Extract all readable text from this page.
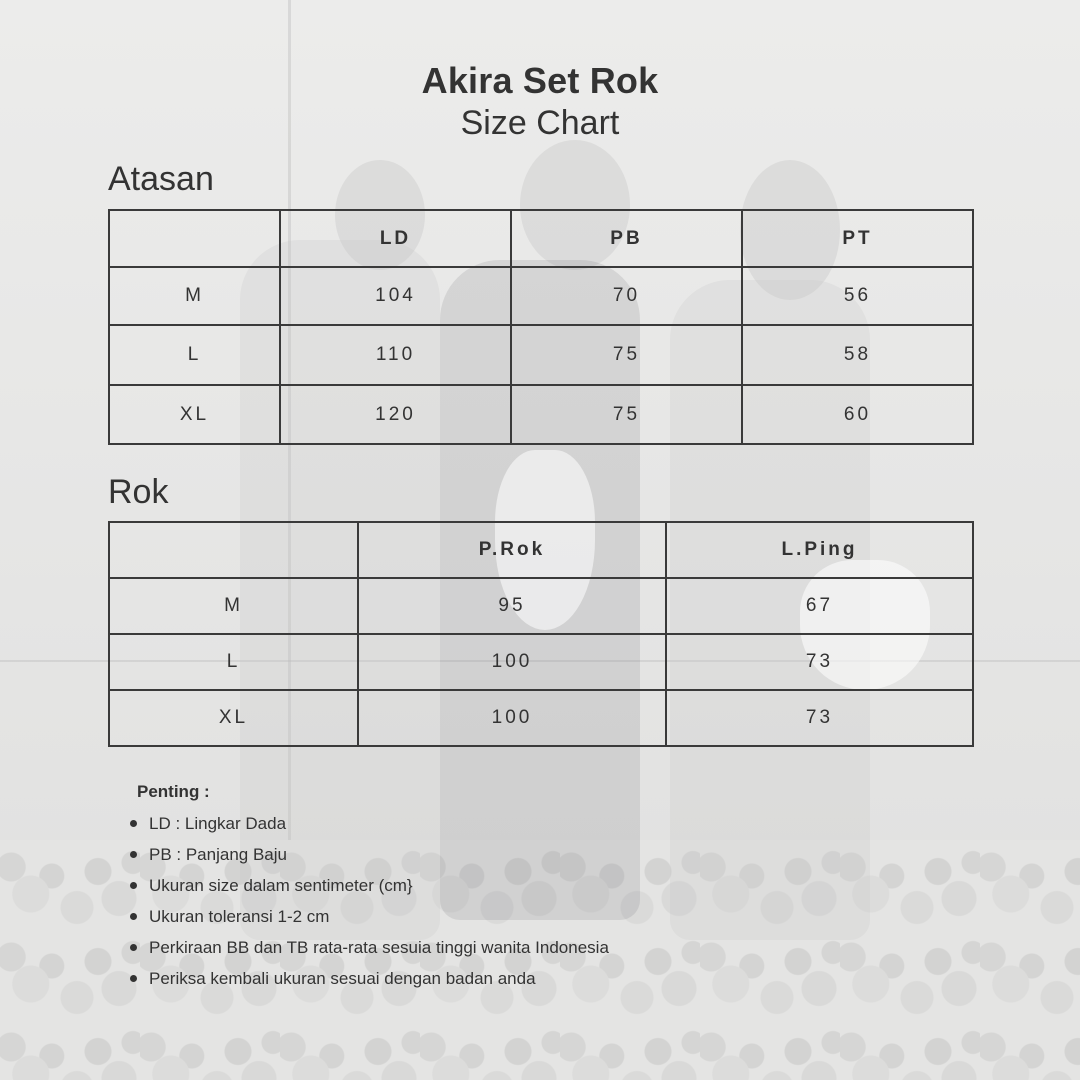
Akira Set Rok
Size Chart
Atasan
	LD	PB	PT
M	104	70	56
L	110	75	58
XL	120	75	60
Rok
	P.Rok	L.Ping
M	95	67
L	100	73
XL	100	73
Penting :
LD : Lingkar Dada
PB : Panjang Baju
Ukuran size dalam sentimeter (cm}
Ukuran toleransi 1-2 cm
Perkiraan BB dan TB rata-rata sesuia tinggi wanita Indonesia
Periksa kembali ukuran sesuai dengan badan anda
